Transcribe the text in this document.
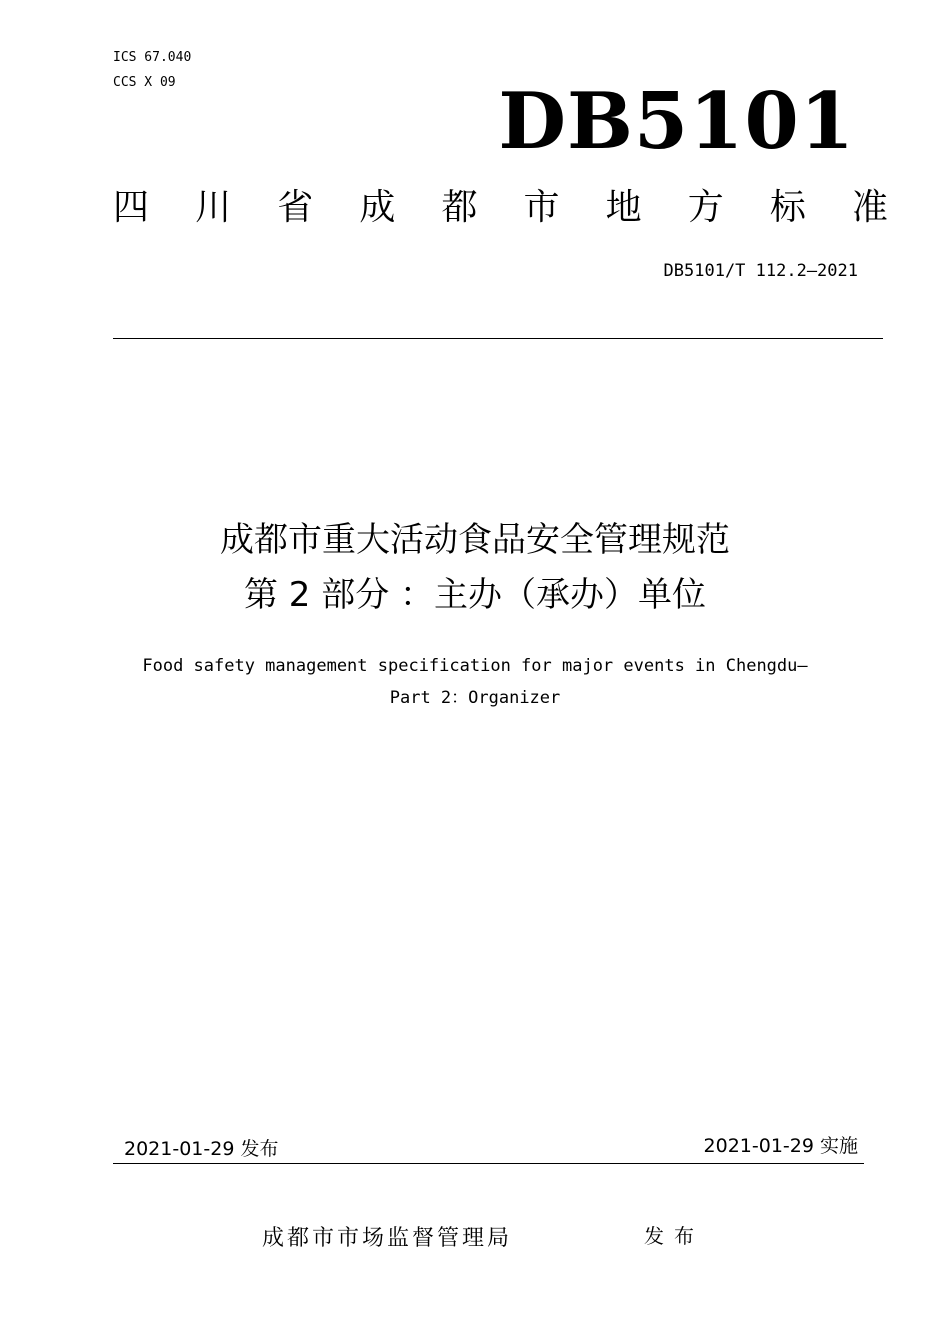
ICS 67.040
CCS X 09	DB5101
四 川 省 成 都 市 地 方 标 准
DB5101/T 112.2—2021
成都市重大活动食品安全管理规范
第 2 部分 ：主办（承办）单位
Food safety management specification for major events in Chengdu—
Part 2：Organizer
2021-01-29 发布	2021-01-29 实施
成都市市场监督管理局	发布
